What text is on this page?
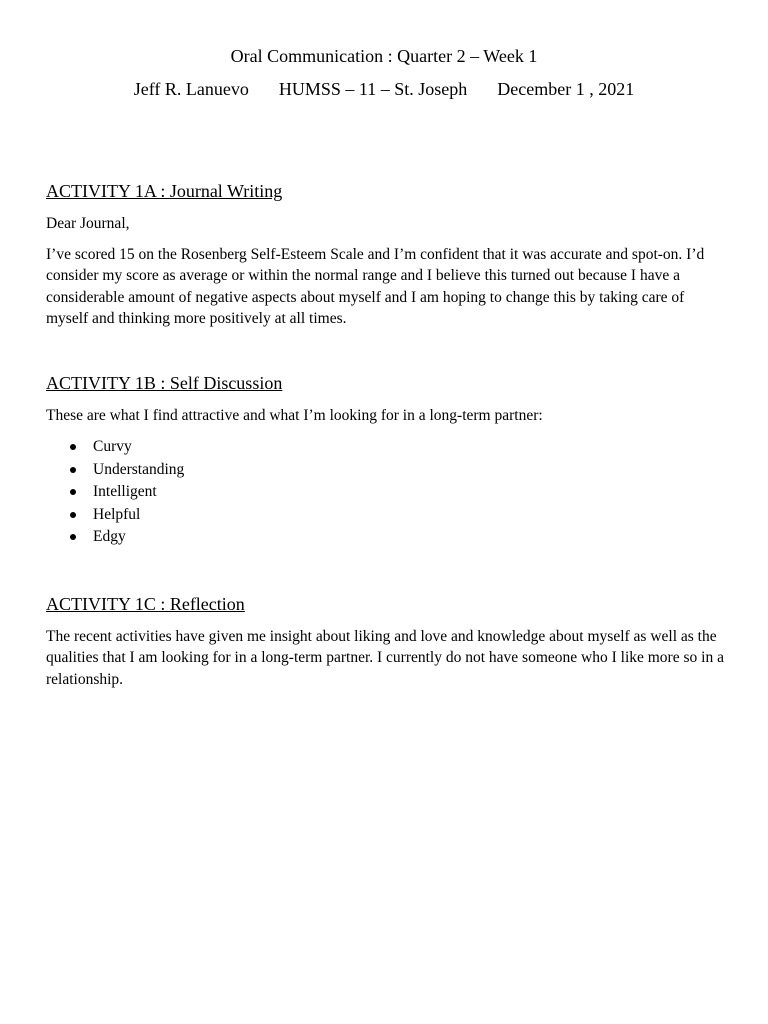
Oral Communication : Quarter 2 – Week 1
Jeff R. Lanuevo HUMSS – 11 – St. Joseph December 1 , 2021
ACTIVITY 1A : Journal Writing
Dear Journal,
I’ve scored 15 on the Rosenberg Self-Esteem Scale and I’m confident that it was accurate and spot-on. I’d consider my score as average or within the normal range and I believe this turned out because I have a considerable amount of negative aspects about myself and I am hoping to change this by taking care of myself and thinking more positively at all times.
ACTIVITY 1B : Self Discussion
These are what I find attractive and what I’m looking for in a long-term partner:
Curvy
Understanding
Intelligent
Helpful
Edgy
ACTIVITY 1C : Reflection
The recent activities have given me insight about liking and love and knowledge about myself as well as the qualities that I am looking for in a long-term partner. I currently do not have someone who I like more so in a relationship.
